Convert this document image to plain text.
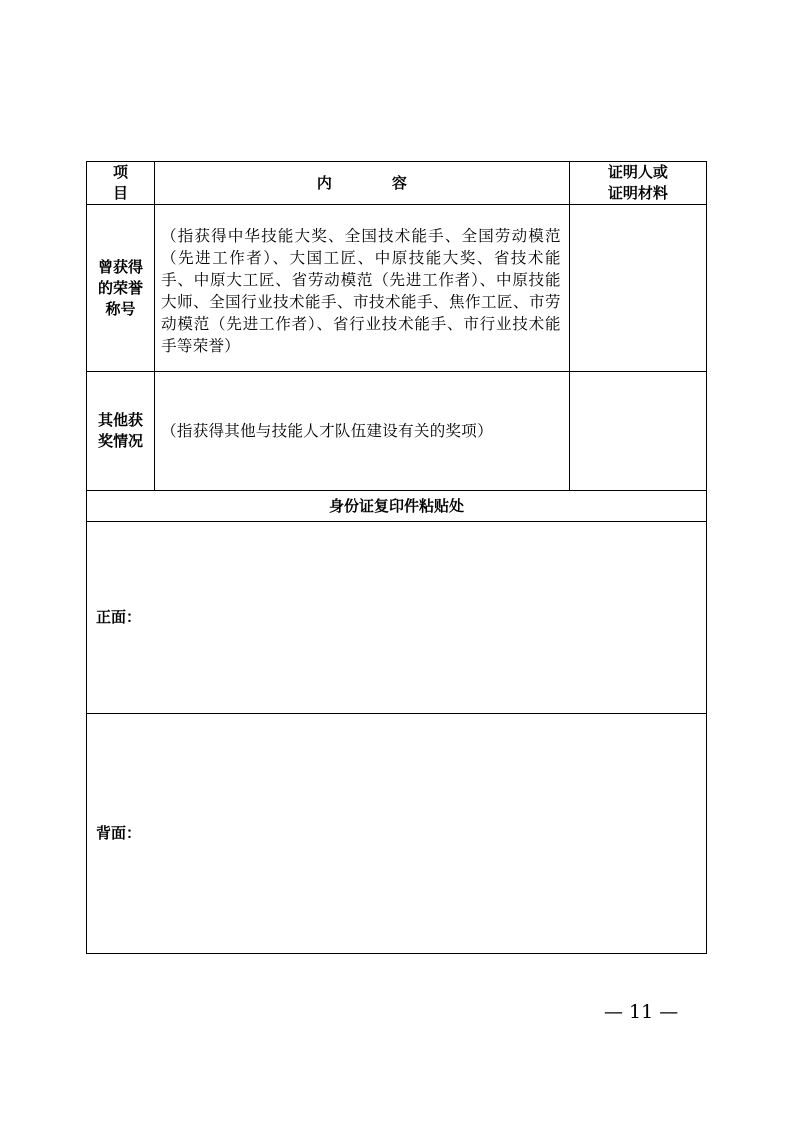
项目	内容	证明人或
证明材料

曾获得
的荣誉
称号	（指获得中华技能大奖、全国技术能手、全国劳动模范（先进工作者）、大国工匠、中原技能大奖、省技术能手、中原大工匠、省劳动模范（先进工作者）、中原技能大师、全国行业技术能手、市技术能手、焦作工匠、市劳动模范（先进工作者）、省行业技术能手、市行业技术能手等荣誉）	

其他获
奖情况	（指获得其他与技能人才队伍建设有关的奖项）	
身份证复印件粘贴处		
正面：		
背面：		
— 11 —
